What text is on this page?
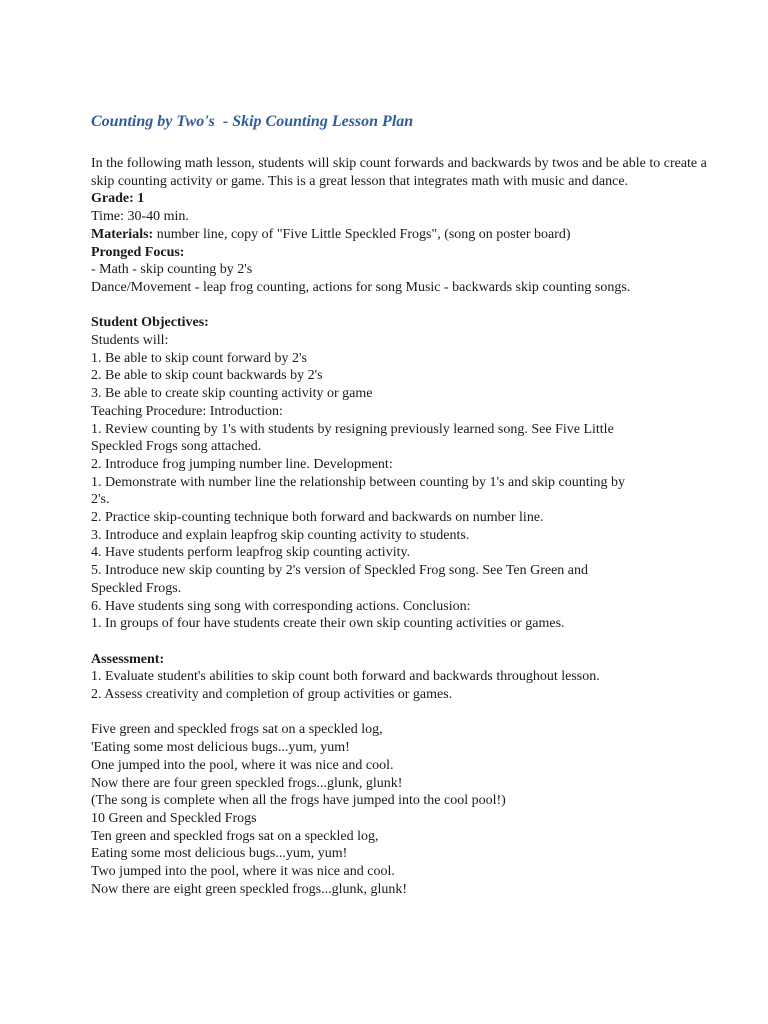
Counting by Two's  - Skip Counting Lesson Plan

In the following math lesson, students will skip count forwards and backwards by twos and be able to create a skip counting activity or game. This is a great lesson that integrates math with music and dance.

Grade: 1

Time: 30-40 min.

Materials: number line, copy of "Five Little Speckled Frogs", (song on poster board)

Pronged Focus:

- Math - skip counting by 2's

Dance/Movement - leap frog counting, actions for song Music - backwards skip counting songs.

Student Objectives:

Students will:

1. Be able to skip count forward by 2's

2. Be able to skip count backwards by 2's

3. Be able to create skip counting activity or game

Teaching Procedure: Introduction:

1. Review counting by 1's with students by resigning previously learned song. See Five Little

Speckled Frogs song attached.

2. Introduce frog jumping number line. Development:

1. Demonstrate with number line the relationship between counting by 1's and skip counting by

2's.

2. Practice skip-counting technique both forward and backwards on number line.

3. Introduce and explain leapfrog skip counting activity to students.

4. Have students perform leapfrog skip counting activity.

5. Introduce new skip counting by 2's version of Speckled Frog song. See Ten Green and

Speckled Frogs.

6. Have students sing song with corresponding actions. Conclusion:

1. In groups of four have students create their own skip counting activities or games.

Assessment:

1. Evaluate student's abilities to skip count both forward and backwards throughout lesson.

2. Assess creativity and completion of group activities or games.

Five green and speckled frogs sat on a speckled log,

'Eating some most delicious bugs...yum, yum!

One jumped into the pool, where it was nice and cool.

Now there are four green speckled frogs...glunk, glunk!

(The song is complete when all the frogs have jumped into the cool pool!)

10 Green and Speckled Frogs

Ten green and speckled frogs sat on a speckled log,

Eating some most delicious bugs...yum, yum!

Two jumped into the pool, where it was nice and cool.

Now there are eight green speckled frogs...glunk, glunk!
